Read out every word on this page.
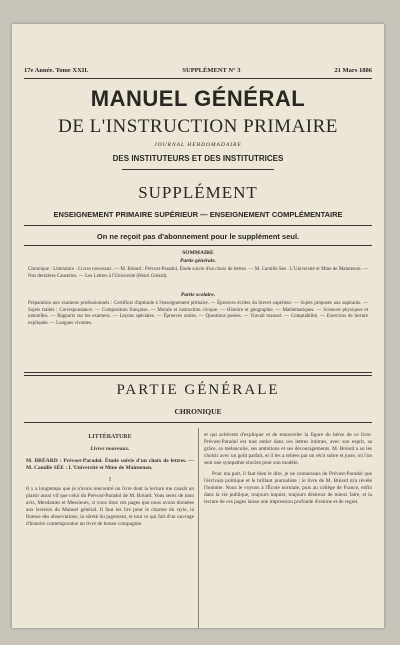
17e Année. Tome XXII.	SUPPLÉMENT N° 3	21 Mars 1886
MANUEL GÉNÉRAL
DE L'INSTRUCTION PRIMAIRE
JOURNAL HEBDOMADAIRE
DES INSTITUTEURS ET DES INSTITUTRICES
SUPPLÉMENT
ENSEIGNEMENT PRIMAIRE SUPÉRIEUR — ENSEIGNEMENT COMPLÉMENTAIRE
On ne reçoit pas d'abonnement pour le supplément seul.
SOMMAIRE
Partie générale.
Chronique : Littérature : Livres nouveaux. — M. Bréard : Prévost-Paradol, Étude suivie d'un choix de lettres. — M. Camille Sée : L'Université et Mme de Maintenon. — Nos dernières Causeries. — Les Lettres à l'Université (Henri Gréard).
Partie scolaire.
Préparation aux examens professionnels : Certificat d'aptitude à l'enseignement primaire. — Épreuves écrites du brevet supérieur. — Sujets proposés aux aspirants. — Sujets traités : Correspondance. — Composition française. — Morale et instruction civique. — Histoire et géographie. — Mathématiques. — Sciences physiques et naturelles. — Rapports sur les examens. — Leçons spéciales. — Épreuves orales. — Questions posées. — Travail manuel. — Comptabilité. — Exercices de lecture expliquée. — Langues vivantes.
PARTIE GÉNÉRALE
CHRONIQUE
LITTÉRATURE
Livres nouveaux.

M. BRÉARD : Prévost-Paradol. Étude suivie d'un choix de lettres. — M. Camille SÉE : L'Université et Mme de Maintenon.

I

Il y a longtemps que je n'avais rencontré un livre dont la lecture me causât un plaisir aussi vif que celui du Prévost-Paradol de M. Bréard. Vous serez de mon avis, Mesdames et Messieurs, si vous lisez ces pages que nous avons données aux lecteurs du Manuel général. Il faut les lire pour le charme du style, la finesse des observations, la sûreté du jugement, et tout ce qui fait d'un ouvrage d'histoire contemporaine un livre de bonne compagnie.

et qui achèvent d'expliquer et de renouveler la figure du héros de ce livre. Prévost-Paradol est tout entier dans ces lettres intimes, avec son esprit, sa grâce, sa mélancolie, ses ambitions et ses découragements. M. Bréard a su les choisir avec un goût parfait, et il les a reliées par un récit sobre et juste, où l'on sent une sympathie sincère pour son modèle.

Pour ma part, il faut bien le dire, je ne connaissais de Prévost-Paradol que l'écrivain politique et le brillant journaliste ; le livre de M. Bréard m'a révélé l'homme. Nous le voyons à l'École normale, puis au collège de France, enfin dans la vie publique, toujours inquiet, toujours désireux de mieux faire, et la lecture de ces pages laisse une impression profonde d'estime et de regret.
